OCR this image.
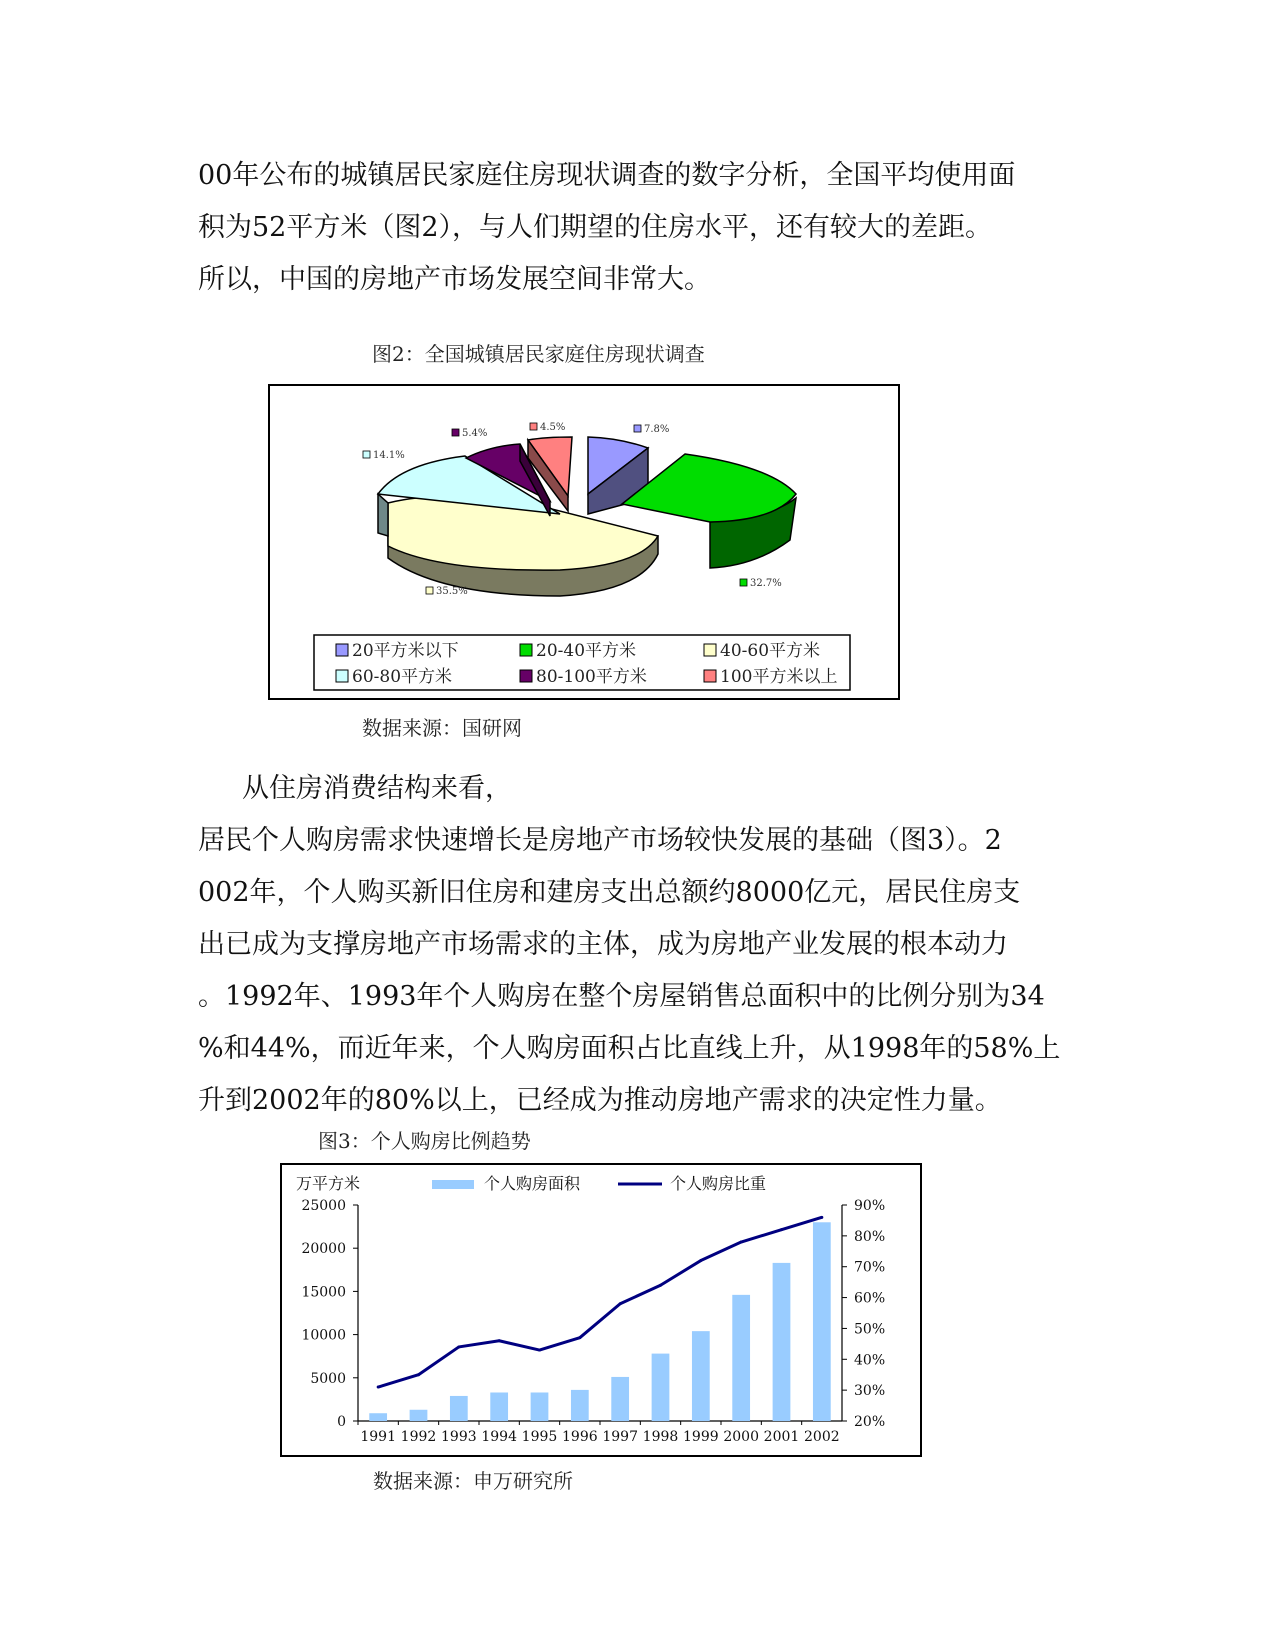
00年公布的城镇居民家庭住房现状调查的数字分析，全国平均使用面
积为52平方米（图2），与人们期望的住房水平，还有较大的差距。
所以，中国的房地产市场发展空间非常大。
图2：全国城镇居民家庭住房现状调查
7.8%
32.7%
35.5%
14.1%
5.4%
4.5%
20平方米以下	20-40平方米	40-60平方米
60-80平方米	80-100平方米	100平方米以上
数据来源：国研网
从住房消费结构来看，
居民个人购房需求快速增长是房地产市场较快发展的基础（图3）。2
002年，个人购买新旧住房和建房支出总额约8000亿元，居民住房支
出已成为支撑房地产市场需求的主体，成为房地产业发展的根本动力
。1992年、1993年个人购房在整个房屋销售总面积中的比例分别为34
%和44%，而近年来，个人购房面积占比直线上升，从1998年的58%上
升到2002年的80%以上，已经成为推动房地产需求的决定性力量。
图3：个人购房比例趋势
万平方米	个人购房面积	个人购房比重
25000
20000
15000
10000
5000
0
90%
80%
70%
60%
50%
40%
30%
20%
1991 1992 1993 1994 1995 1996 1997 1998 1999 2000 2001 2002
数据来源：申万研究所
